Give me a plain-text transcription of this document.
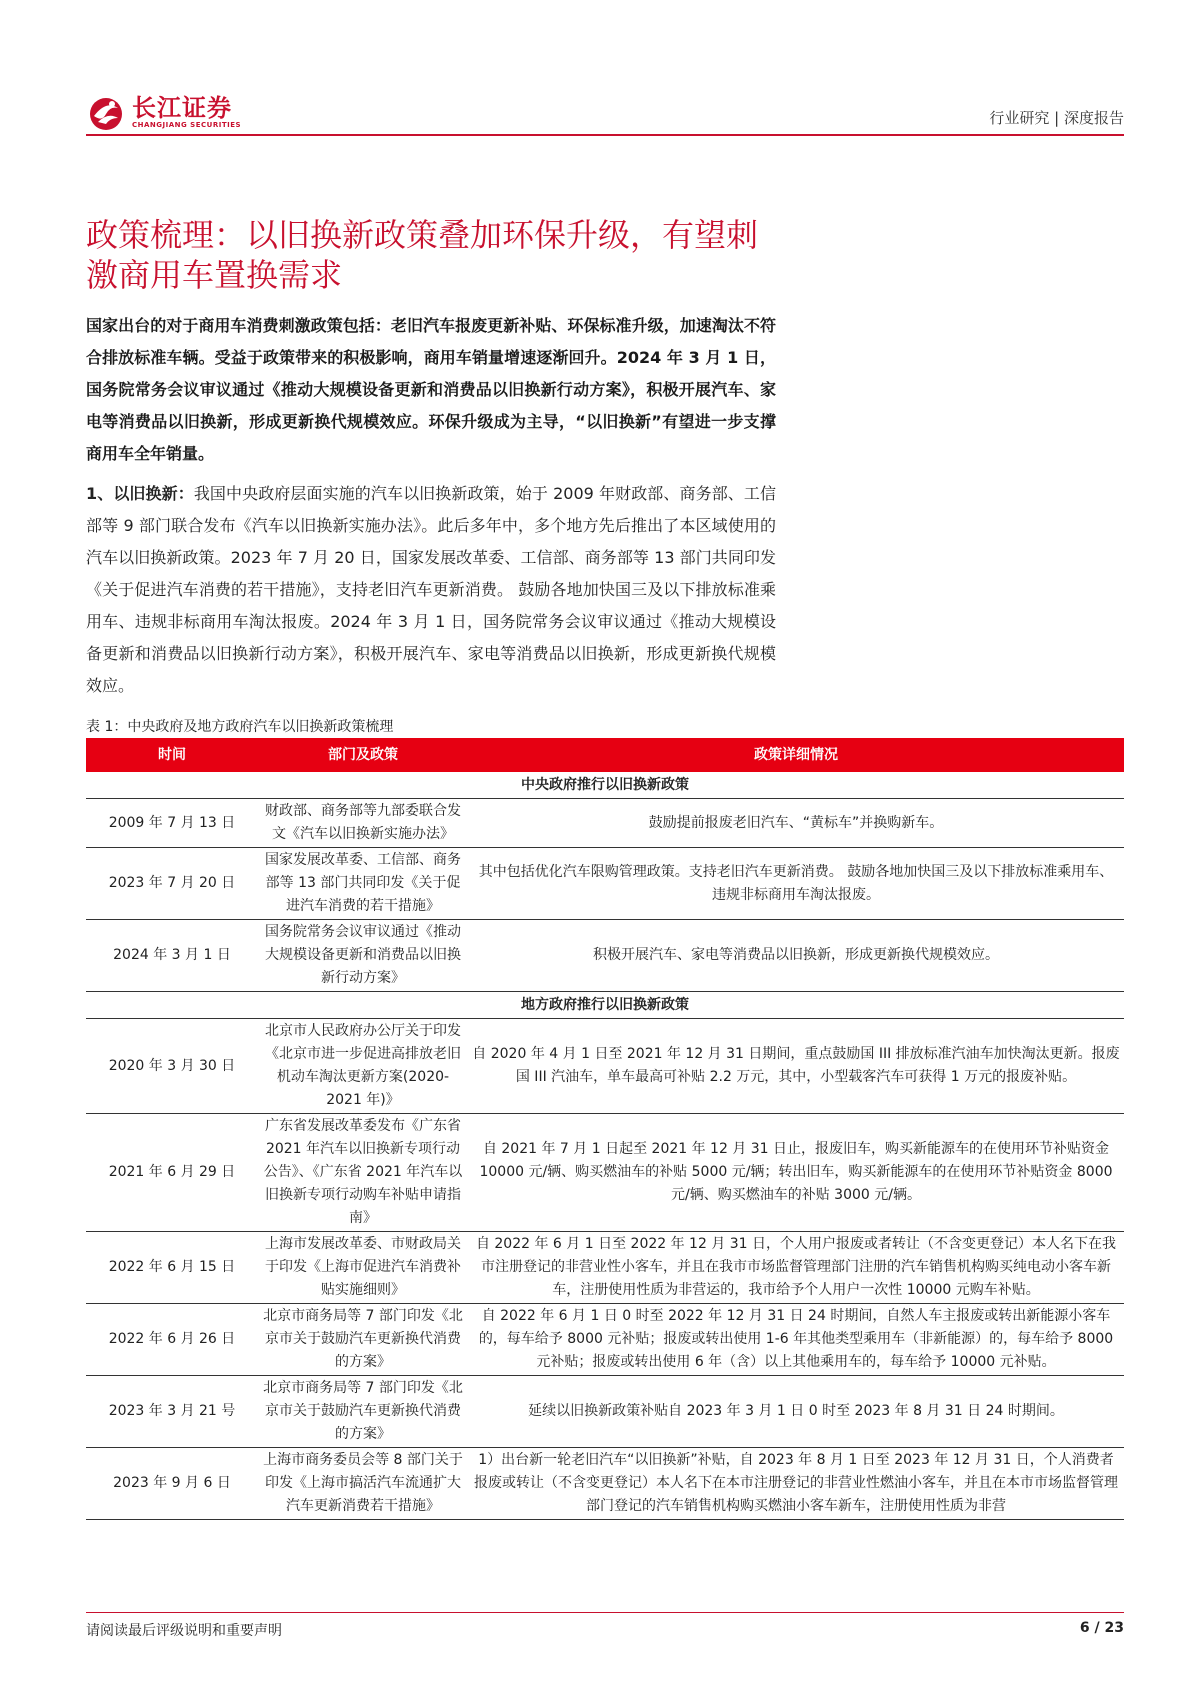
长江证券
CHANGJIANG SECURITIES	行业研究 | 深度报告
政策梳理：以旧换新政策叠加环保升级，有望刺激商用车置换需求

国家出台的对于商用车消费刺激政策包括：老旧汽车报废更新补贴、环保标准升级，加速淘汰不符合排放标准车辆。受益于政策带来的积极影响，商用车销量增速逐渐回升。2024 年 3 月 1 日，国务院常务会议审议通过《推动大规模设备更新和消费品以旧换新行动方案》，积极开展汽车、家电等消费品以旧换新，形成更新换代规模效应。环保升级成为主导，“以旧换新”有望进一步支撑商用车全年销量。

1、以旧换新：我国中央政府层面实施的汽车以旧换新政策，始于 2009 年财政部、商务部、工信部等 9 部门联合发布《汽车以旧换新实施办法》。此后多年中，多个地方先后推出了本区域使用的汽车以旧换新政策。2023 年 7 月 20 日，国家发展改革委、工信部、商务部等 13 部门共同印发《关于促进汽车消费的若干措施》，支持老旧汽车更新消费。 鼓励各地加快国三及以下排放标准乘用车、违规非标商用车淘汰报废。2024 年 3 月 1 日，国务院常务会议审议通过《推动大规模设备更新和消费品以旧换新行动方案》，积极开展汽车、家电等消费品以旧换新，形成更新换代规模效应。

表 1：中央政府及地方政府汽车以旧换新政策梳理
时间	部门及政策	政策详细情况
中央政府推行以旧换新政策		
2009 年 7 月 13 日	财政部、商务部等九部委联合发文《汽车以旧换新实施办法》	鼓励提前报废老旧汽车、“黄标车”并换购新车。
2023 年 7 月 20 日	国家发展改革委、工信部、商务部等 13 部门共同印发《关于促进汽车消费的若干措施》	其中包括优化汽车限购管理政策。支持老旧汽车更新消费。 鼓励各地加快国三及以下排放标准乘用车、违规非标商用车淘汰报废。
2024 年 3 月 1 日	国务院常务会议审议通过《推动大规模设备更新和消费品以旧换新行动方案》	积极开展汽车、家电等消费品以旧换新，形成更新换代规模效应。
地方政府推行以旧换新政策		
2020 年 3 月 30 日	北京市人民政府办公厅关于印发《北京市进一步促进高排放老旧机动车淘汰更新方案(2020-2021 年)》	自 2020 年 4 月 1 日至 2021 年 12 月 31 日期间，重点鼓励国 III 排放标准汽油车加快淘汰更新。报废国 III 汽油车，单车最高可补贴 2.2 万元，其中，小型载客汽车可获得 1 万元的报废补贴。
2021 年 6 月 29 日	广东省发展改革委发布《广东省 2021 年汽车以旧换新专项行动公告》、《广东省 2021 年汽车以旧换新专项行动购车补贴申请指南》	自 2021 年 7 月 1 日起至 2021 年 12 月 31 日止，报废旧车，购买新能源车的在使用环节补贴资金 10000 元/辆、购买燃油车的补贴 5000 元/辆；转出旧车，购买新能源车的在使用环节补贴资金 8000 元/辆、购买燃油车的补贴 3000 元/辆。
2022 年 6 月 15 日	上海市发展改革委、市财政局关于印发《上海市促进汽车消费补贴实施细则》	自 2022 年 6 月 1 日至 2022 年 12 月 31 日，个人用户报废或者转让（不含变更登记）本人名下在我市注册登记的非营业性小客车，并且在我市市场监督管理部门注册的汽车销售机构购买纯电动小客车新车，注册使用性质为非营运的，我市给予个人用户一次性 10000 元购车补贴。
2022 年 6 月 26 日	北京市商务局等 7 部门印发《北京市关于鼓励汽车更新换代消费的方案》	自 2022 年 6 月 1 日 0 时至 2022 年 12 月 31 日 24 时期间，自然人车主报废或转出新能源小客车的，每车给予 8000 元补贴；报废或转出使用 1-6 年其他类型乘用车（非新能源）的，每车给予 8000 元补贴；报废或转出使用 6 年（含）以上其他乘用车的，每车给予 10000 元补贴。
2023 年 3 月 21 号	北京市商务局等 7 部门印发《北京市关于鼓励汽车更新换代消费的方案》	延续以旧换新政策补贴自 2023 年 3 月 1 日 0 时至 2023 年 8 月 31 日 24 时期间。
2023 年 9 月 6 日	上海市商务委员会等 8 部门关于印发《上海市搞活汽车流通扩大汽车更新消费若干措施》	1）出台新一轮老旧汽车“以旧换新”补贴，自 2023 年 8 月 1 日至 2023 年 12 月 31 日，个人消费者报废或转让（不含变更登记）本人名下在本市注册登记的非营业性燃油小客车，并且在本市市场监督管理部门登记的汽车销售机构购买燃油小客车新车，注册使用性质为非营
请阅读最后评级说明和重要声明	6 / 23
